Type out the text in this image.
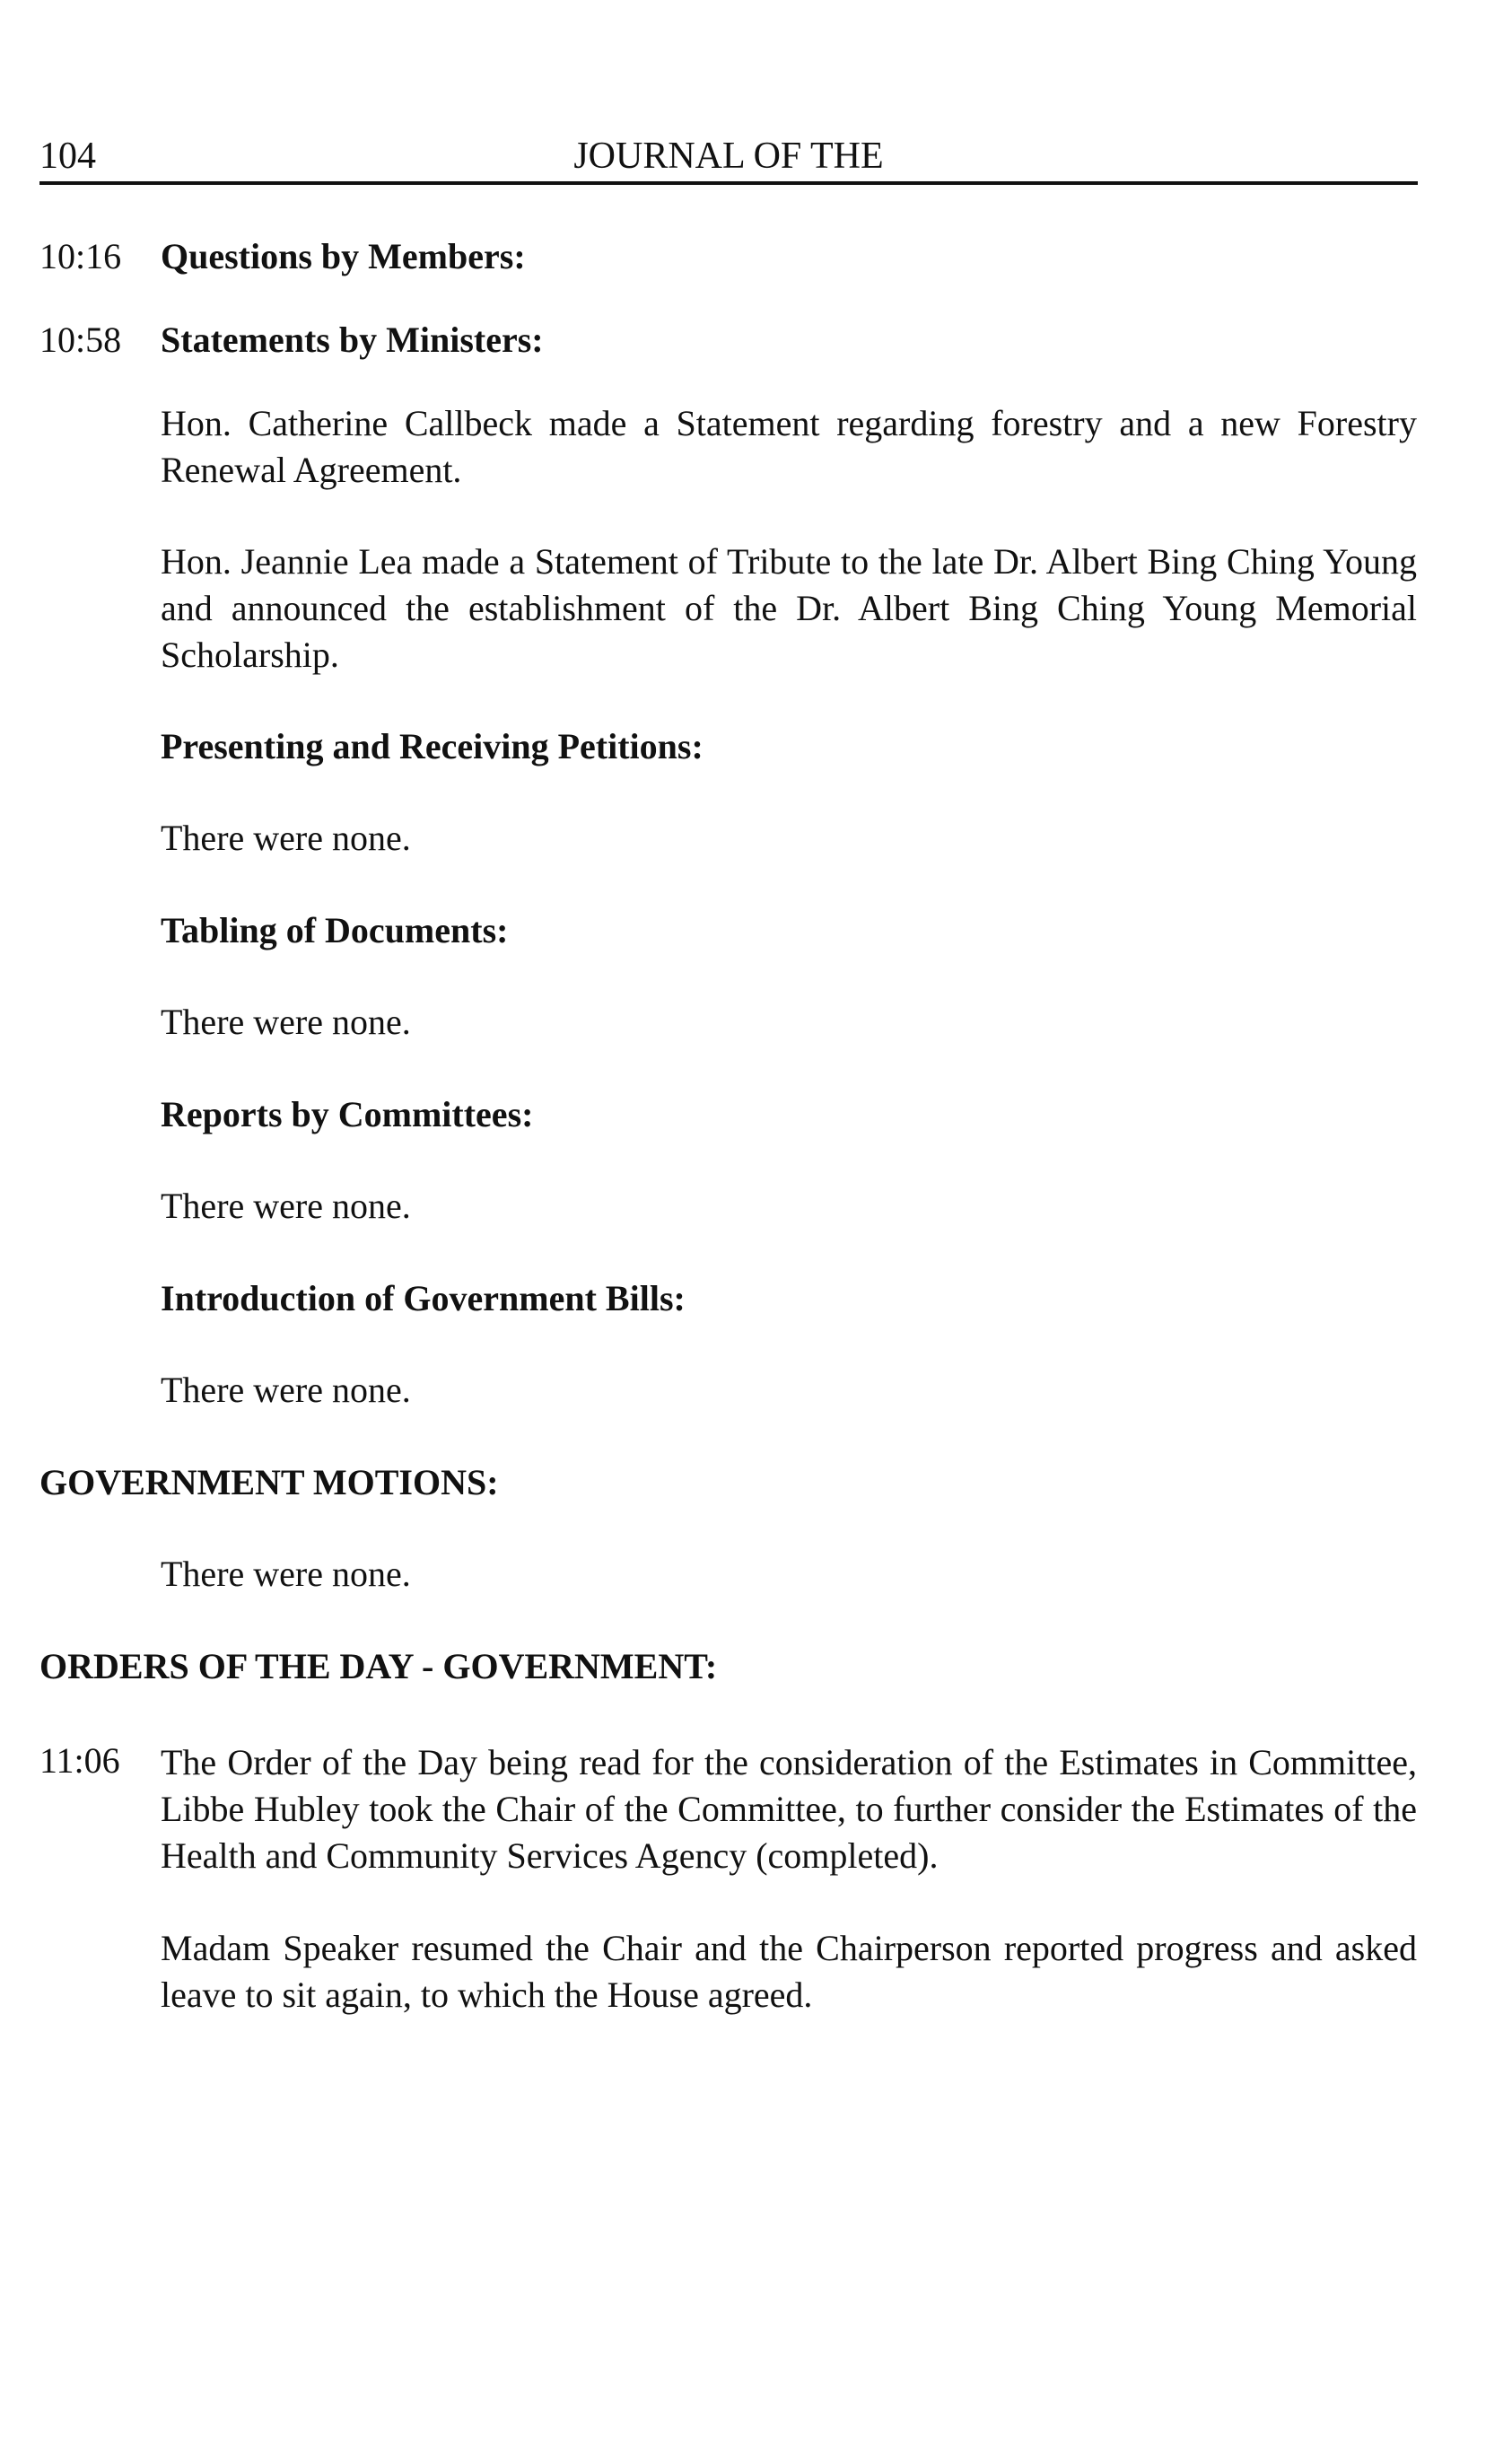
104	JOURNAL OF THE
10:16 Questions by Members:
10:58 Statements by Ministers:
Hon. Catherine Callbeck made a Statement regarding forestry and a new Forestry Renewal Agreement.
Hon. Jeannie Lea made a Statement of Tribute to the late Dr. Albert Bing Ching Young and announced the establishment of the Dr. Albert Bing Ching Young Memorial Scholarship.
Presenting and Receiving Petitions:
There were none.
Tabling of Documents:
There were none.
Reports by Committees:
There were none.
Introduction of Government Bills:
There were none.
GOVERNMENT MOTIONS:
There were none.
ORDERS OF THE DAY - GOVERNMENT:
11:06 The Order of the Day being read for the consideration of the Estimates in Committee, Libbe Hubley took the Chair of the Committee, to further consider the Estimates of the Health and Community Services Agency (completed).
Madam Speaker resumed the Chair and the Chairperson reported progress and asked leave to sit again, to which the House agreed.
